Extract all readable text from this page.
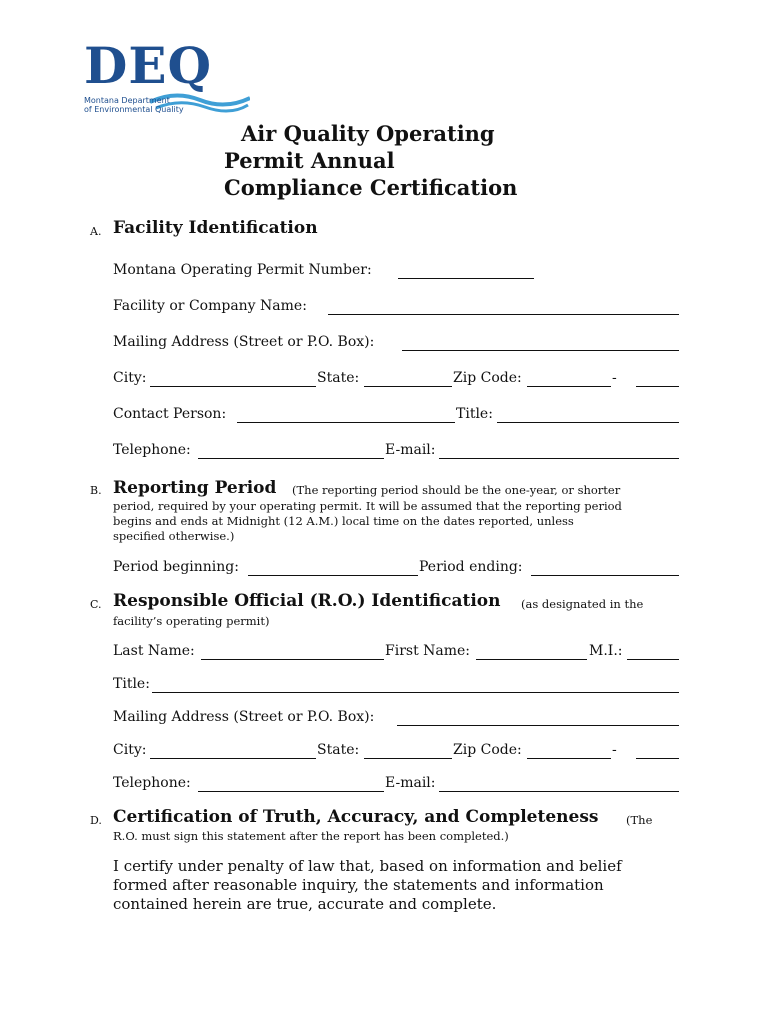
DEQ
Montana Department
of Environmental Quality
Air Quality Operating
Permit Annual
Compliance Certification
A. Facility Identification
Montana Operating Permit Number:
Facility or Company Name:
Mailing Address (Street or P.O. Box):
City:	State:	Zip Code:	-
Contact Person:	Title:
Telephone:	E-mail:
B. Reporting Period (The reporting period should be the one-year, or shorter
period, required by your operating permit. It will be assumed that the reporting period
begins and ends at Midnight (12 A.M.) local time on the dates reported, unless
specified otherwise.)
Period beginning:	Period ending:
C. Responsible Official (R.O.) Identification (as designated in the
facility’s operating permit)
Last Name:	First Name:	M.I.:
Title:
Mailing Address (Street or P.O. Box):
City:	State:	Zip Code:	-
Telephone:	E-mail:
D. Certification of Truth, Accuracy, and Completeness (The
R.O. must sign this statement after the report has been completed.)
I certify under penalty of law that, based on information and belief
formed after reasonable inquiry, the statements and information
contained herein are true, accurate and complete.
